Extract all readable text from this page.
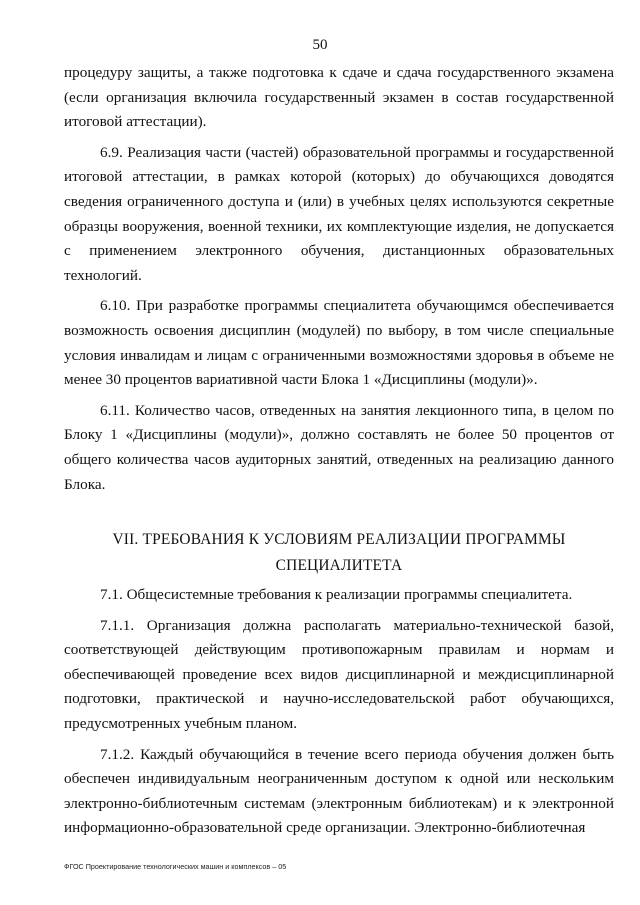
50

процедуру защиты, а также подготовка к сдаче и сдача государственного экзамена (если организация включила государственный экзамен в состав государственной итоговой аттестации).

6.9. Реализация части (частей) образовательной программы и государственной итоговой аттестации, в рамках которой (которых) до обучающихся доводятся сведения ограниченного доступа и (или) в учебных целях используются секретные образцы вооружения, военной техники, их комплектующие изделия, не допускается с применением электронного обучения, дистанционных образовательных технологий.

6.10. При разработке программы специалитета обучающимся обеспечивается возможность освоения дисциплин (модулей) по выбору, в том числе специальные условия инвалидам и лицам с ограниченными возможностями здоровья в объеме не менее 30 процентов вариативной части Блока 1 «Дисциплины (модули)».

6.11. Количество часов, отведенных на занятия лекционного типа, в целом по Блоку 1 «Дисциплины (модули)», должно составлять не более 50 процентов от общего количества часов аудиторных занятий, отведенных на реализацию данного Блока.

VII. ТРЕБОВАНИЯ К УСЛОВИЯМ РЕАЛИЗАЦИИ ПРОГРАММЫ
СПЕЦИАЛИТЕТА

7.1. Общесистемные требования к реализации программы специалитета.

7.1.1. Организация должна располагать материально-технической базой, соответствующей действующим противопожарным правилам и нормам и обеспечивающей проведение всех видов дисциплинарной и междисциплинарной подготовки, практической и научно-исследовательской работ обучающихся, предусмотренных учебным планом.

7.1.2. Каждый обучающийся в течение всего периода обучения должен быть обеспечен индивидуальным неограниченным доступом к одной или нескольким электронно-библиотечным системам (электронным библиотекам) и к электронной информационно-образовательной среде организации. Электронно-библиотечная

ФГОС Проектирование технологических машин и комплексов – 05
